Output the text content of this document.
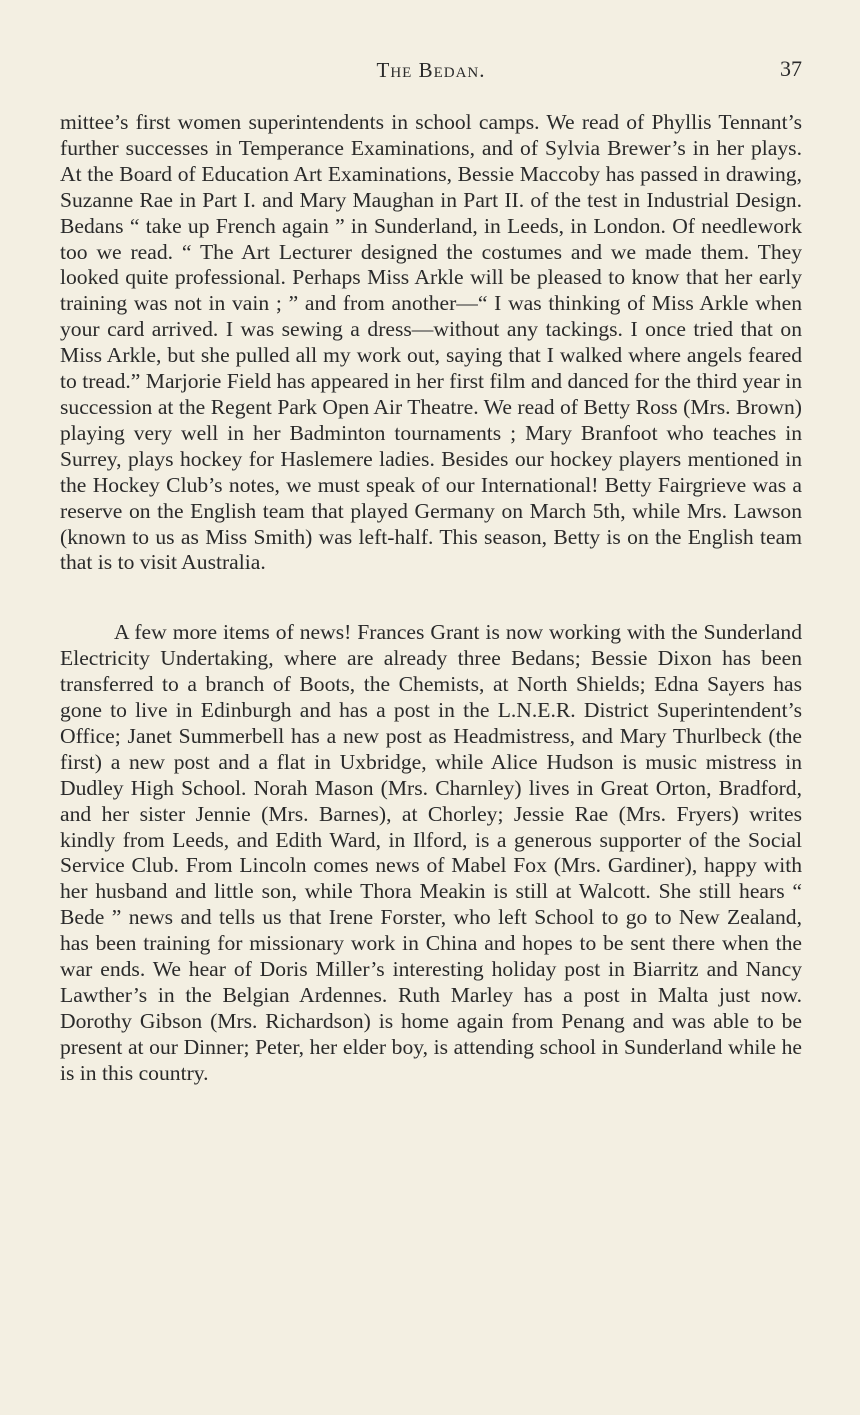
The Bedan.	37

mittee’s first women superintendents in school camps. We read of Phyllis Tennant’s further successes in Temperance Examinations, and of Sylvia Brewer’s in her plays. At the Board of Education Art Examinations, Bessie Maccoby has passed in drawing, Suzanne Rae in Part I. and Mary Maughan in Part II. of the test in Industrial Design. Bedans “ take up French again ” in Sunderland, in Leeds, in London. Of needlework too we read. “ The Art Lecturer designed the costumes and we made them. They looked quite professional. Perhaps Miss Arkle will be pleased to know that her early training was not in vain ; ” and from another—“ I was thinking of Miss Arkle when your card arrived. I was sewing a dress—without any tackings. I once tried that on Miss Arkle, but she pulled all my work out, saying that I walked where angels feared to tread.” Marjorie Field has appeared in her first film and danced for the third year in succession at the Regent Park Open Air Theatre. We read of Betty Ross (Mrs. Brown) playing very well in her Badminton tournaments ; Mary Branfoot who teaches in Surrey, plays hockey for Haslemere ladies. Besides our hockey players mentioned in the Hockey Club’s notes, we must speak of our International! Betty Fairgrieve was a reserve on the English team that played Germany on March 5th, while Mrs. Lawson (known to us as Miss Smith) was left-half. This season, Betty is on the English team that is to visit Australia.

A few more items of news! Frances Grant is now working with the Sunderland Electricity Undertaking, where are already three Bedans; Bessie Dixon has been transferred to a branch of Boots, the Chemists, at North Shields; Edna Sayers has gone to live in Edinburgh and has a post in the L.N.E.R. District Superintendent’s Office; Janet Summerbell has a new post as Headmistress, and Mary Thurlbeck (the first) a new post and a flat in Uxbridge, while Alice Hudson is music mistress in Dudley High School. Norah Mason (Mrs. Charnley) lives in Great Orton, Bradford, and her sister Jennie (Mrs. Barnes), at Chorley; Jessie Rae (Mrs. Fryers) writes kindly from Leeds, and Edith Ward, in Ilford, is a generous supporter of the Social Service Club. From Lincoln comes news of Mabel Fox (Mrs. Gardiner), happy with her husband and little son, while Thora Meakin is still at Walcott. She still hears “ Bede ” news and tells us that Irene Forster, who left School to go to New Zealand, has been training for missionary work in China and hopes to be sent there when the war ends. We hear of Doris Miller’s interesting holiday post in Biarritz and Nancy Lawther’s in the Belgian Ardennes. Ruth Marley has a post in Malta just now. Dorothy Gibson (Mrs. Richardson) is home again from Penang and was able to be present at our Dinner; Peter, her elder boy, is attending school in Sunderland while he is in this country.
